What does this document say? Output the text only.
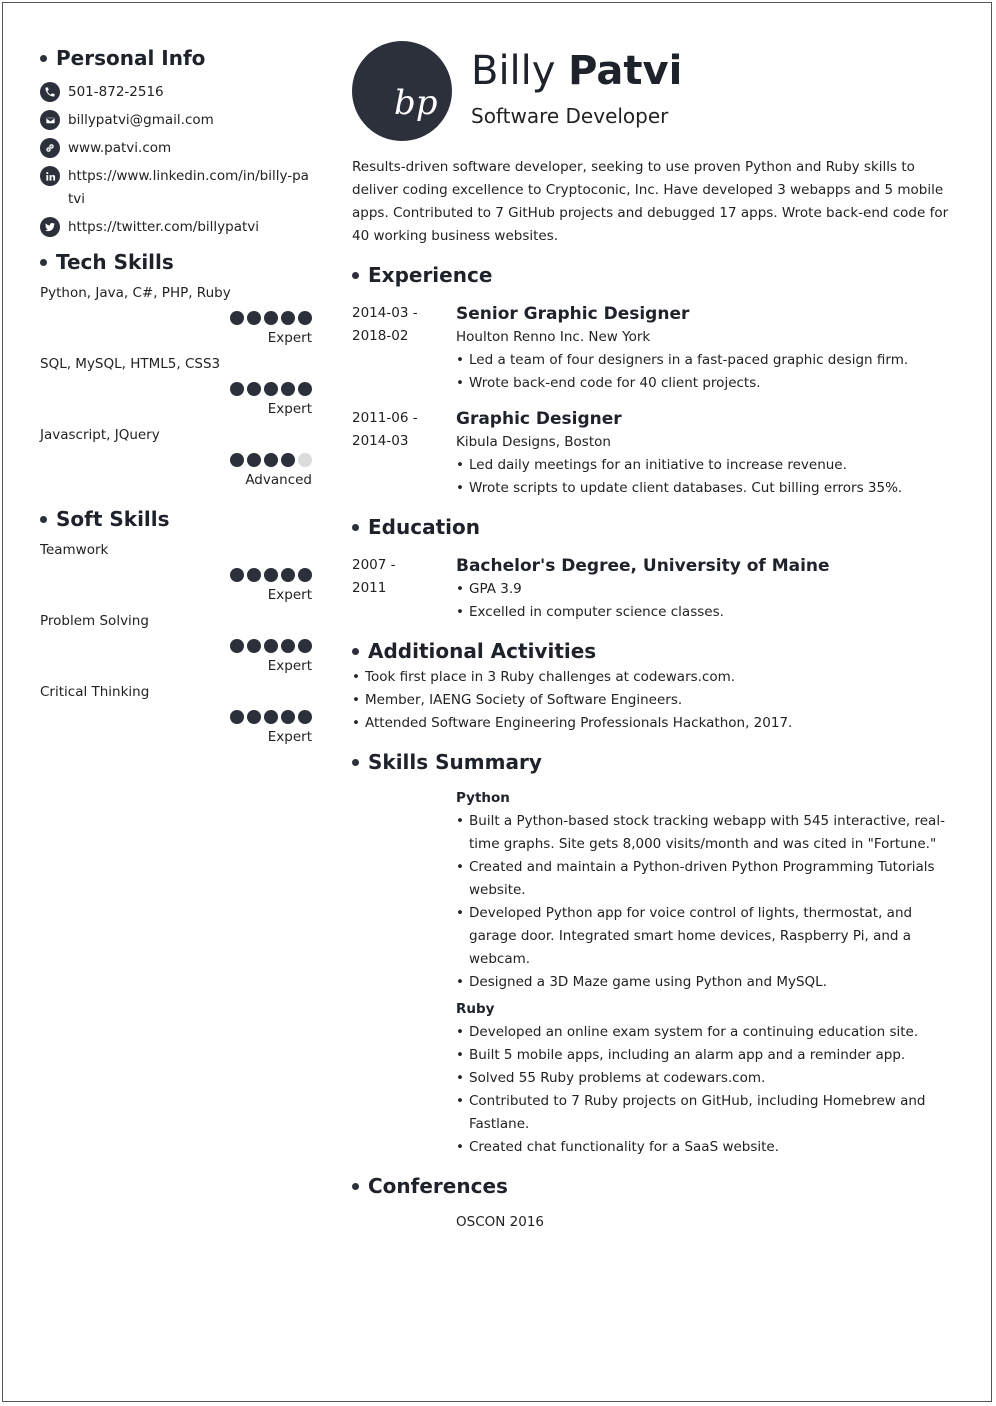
Personal Info
501-872-2516
billypatvi@gmail.com
www.patvi.com
https://www.linkedin.com/in/billy-patvi
https://twitter.com/billypatvi
Tech Skills
Python, Java, C#, PHP, Ruby
Expert
SQL, MySQL, HTML5, CSS3
Expert
Javascript, JQuery
Advanced
Soft Skills
Teamwork
Expert
Problem Solving
Expert
Critical Thinking
Expert
bp
Billy Patvi
Software Developer

Results-driven software developer, seeking to use proven Python and Ruby skills to deliver coding excellence to Cryptoconic, Inc. Have developed 3 webapps and 5 mobile apps. Contributed to 7 GitHub projects and debugged 17 apps. Wrote back-end code for 40 working business websites.

Experience
2014-03 -
2018-02
Senior Graphic Designer
Houlton Renno Inc. New York
• Led a team of four designers in a fast-paced graphic design firm.
• Wrote back-end code for 40 client projects.
2011-06 -
2014-03
Graphic Designer
Kibula Designs, Boston
• Led daily meetings for an initiative to increase revenue.
• Wrote scripts to update client databases. Cut billing errors 35%.
Education
2007 -
2011
Bachelor's Degree, University of Maine
• GPA 3.9
• Excelled in computer science classes.
Additional Activities
• Took first place in 3 Ruby challenges at codewars.com.
• Member, IAENG Society of Software Engineers.
• Attended Software Engineering Professionals Hackathon, 2017.
Skills Summary
Python
• Built a Python-based stock tracking webapp with 545 interactive, real-time graphs. Site gets 8,000 visits/month and was cited in "Fortune."
• Created and maintain a Python-driven Python Programming Tutorials website.
• Developed Python app for voice control of lights, thermostat, and garage door. Integrated smart home devices, Raspberry Pi, and a webcam.
• Designed a 3D Maze game using Python and MySQL.
Ruby
• Developed an online exam system for a continuing education site.
• Built 5 mobile apps, including an alarm app and a reminder app.
• Solved 55 Ruby problems at codewars.com.
• Contributed to 7 Ruby projects on GitHub, including Homebrew and Fastlane.
• Created chat functionality for a SaaS website.
Conferences
OSCON 2016
